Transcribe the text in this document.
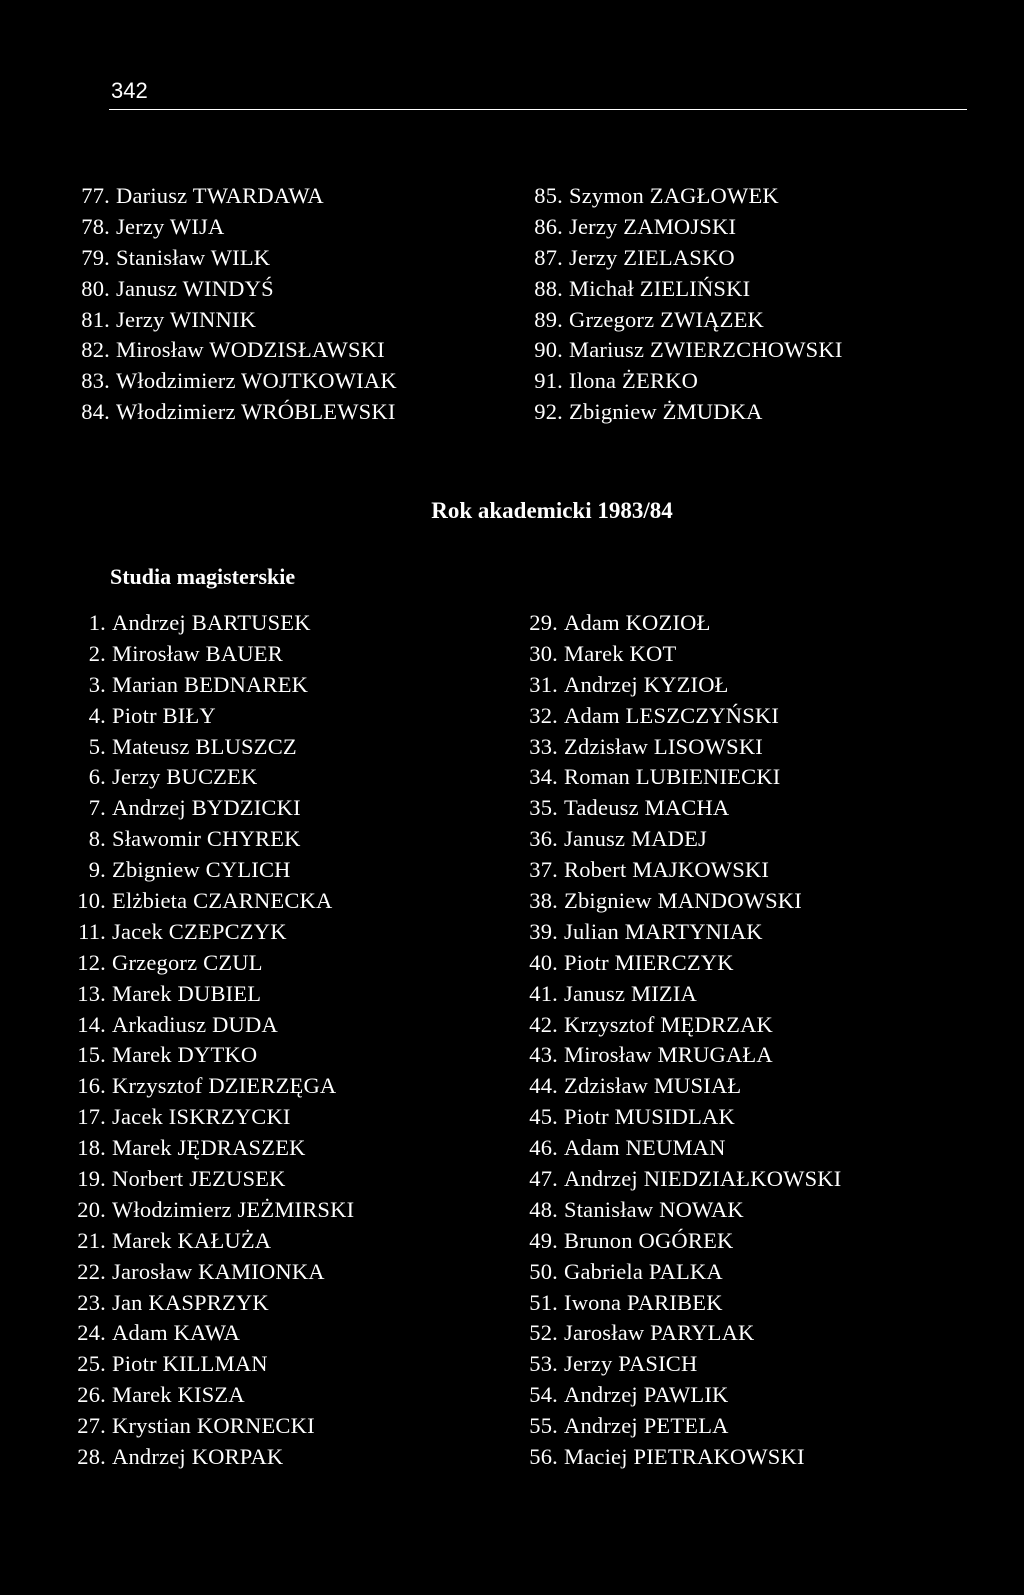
342
77. Dariusz TWARDAWA
78. Jerzy WIJA
79. Stanisław WILK
80. Janusz WINDYŚ
81. Jerzy WINNIK
82. Mirosław WODZISŁAWSKI
83. Włodzimierz WOJTKOWIAK
84. Włodzimierz WRÓBLEWSKI
85. Szymon ZAGŁOWEK
86. Jerzy ZAMOJSKI
87. Jerzy ZIELASKO
88. Michał ZIELIŃSKI
89. Grzegorz ZWIĄZEK
90. Mariusz ZWIERZCHOWSKI
91. Ilona ŻERKO
92. Zbigniew ŻMUDKA
Rok akademicki 1983/84
Studia magisterskie
1. Andrzej BARTUSEK
2. Mirosław BAUER
3. Marian BEDNAREK
4. Piotr BIŁY
5. Mateusz BLUSZCZ
6. Jerzy BUCZEK
7. Andrzej BYDZICKI
8. Sławomir CHYREK
9. Zbigniew CYLICH
10. Elżbieta CZARNECKA
11. Jacek CZEPCZYK
12. Grzegorz CZUL
13. Marek DUBIEL
14. Arkadiusz DUDA
15. Marek DYTKO
16. Krzysztof DZIERZĘGA
17. Jacek ISKRZYCKI
18. Marek JĘDRASZEK
19. Norbert JEZUSEK
20. Włodzimierz JEŻMIRSKI
21. Marek KAŁUŻA
22. Jarosław KAMIONKA
23. Jan KASPRZYK
24. Adam KAWA
25. Piotr KILLMAN
26. Marek KISZA
27. Krystian KORNECKI
28. Andrzej KORPAK
29. Adam KOZIOŁ
30. Marek KOT
31. Andrzej KYZIOŁ
32. Adam LESZCZYŃSKI
33. Zdzisław LISOWSKI
34. Roman LUBIENIECKI
35. Tadeusz MACHA
36. Janusz MADEJ
37. Robert MAJKOWSKI
38. Zbigniew MANDOWSKI
39. Julian MARTYNIAK
40. Piotr MIERCZYK
41. Janusz MIZIA
42. Krzysztof MĘDRZAK
43. Mirosław MRUGAŁA
44. Zdzisław MUSIAŁ
45. Piotr MUSIDLAK
46. Adam NEUMAN
47. Andrzej NIEDZIAŁKOWSKI
48. Stanisław NOWAK
49. Brunon OGÓREK
50. Gabriela PALKA
51. Iwona PARIBEK
52. Jarosław PARYLAK
53. Jerzy PASICH
54. Andrzej PAWLIK
55. Andrzej PETELA
56. Maciej PIETRAKOWSKI
